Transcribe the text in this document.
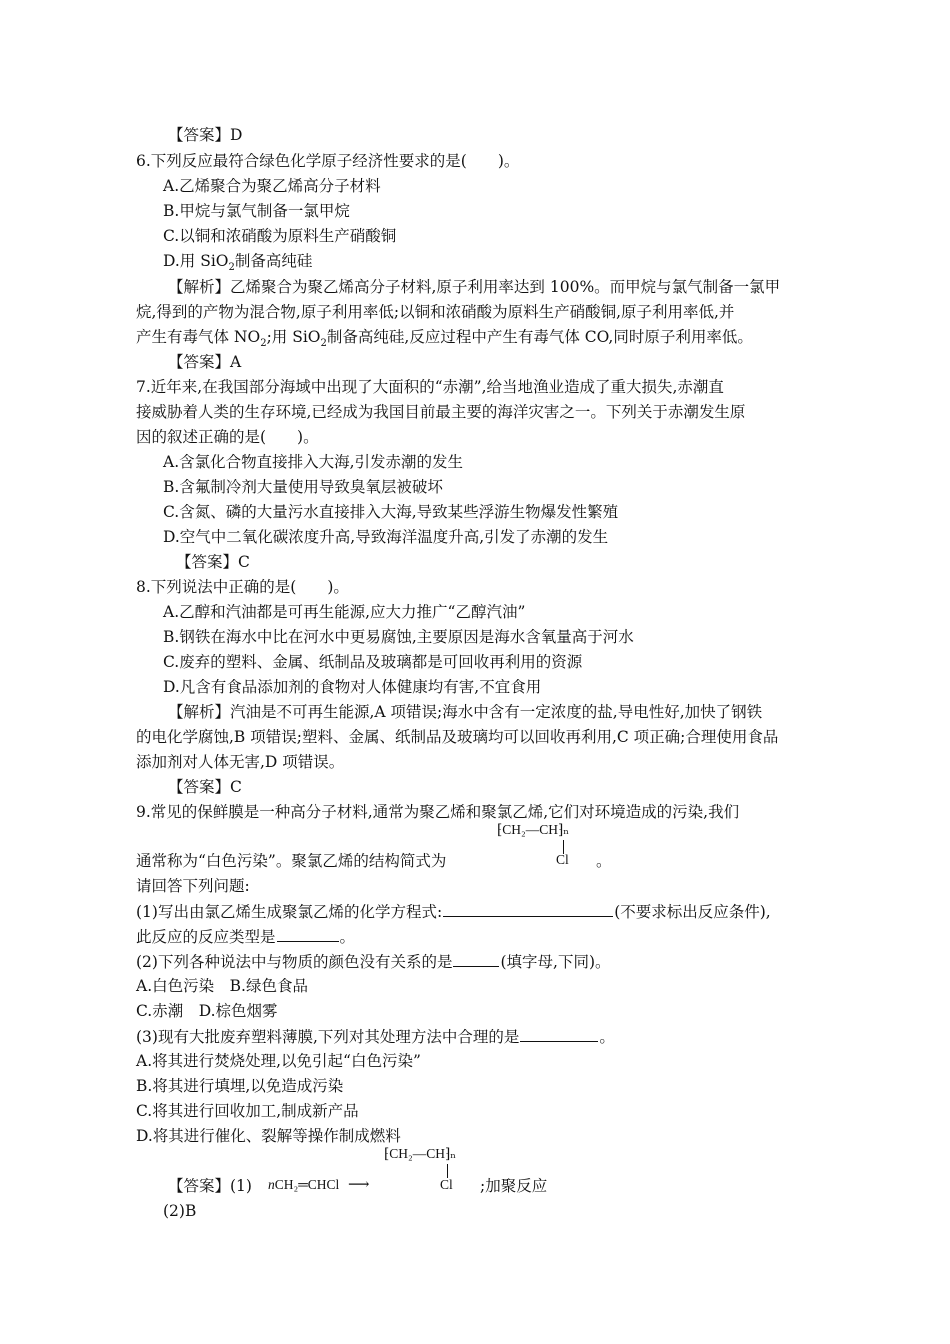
【答案】D
6.下列反应最符合绿色化学原子经济性要求的是(　　)。
A.乙烯聚合为聚乙烯高分子材料
B.甲烷与氯气制备一氯甲烷
C.以铜和浓硝酸为原料生产硝酸铜
D.用 SiO$_2$制备高纯硅
【解析】乙烯聚合为聚乙烯高分子材料,原子利用率达到 100%。而甲烷与氯气制备一氯甲
烷,得到的产物为混合物,原子利用率低;以铜和浓硝酸为原料生产硝酸铜,原子利用率低,并
产生有毒气体 $NO_2$;用 SiO$_2$制备高纯硅,反应过程中产生有毒气体 CO,同时原子利用率低。
【答案】A
7.近年来,在我国部分海域中出现了大面积的“赤潮”,给当地渔业造成了重大损失,赤潮直
接威胁着人类的生存环境,已经成为我国目前最主要的海洋灾害之一。下列关于赤潮发生原
因的叙述正确的是(　　)。
A.含氯化合物直接排入大海,引发赤潮的发生
B.含氟制冷剂大量使用导致臭氧层被破坏
C.含氮、磷的大量污水直接排入大海,导致某些浮游生物爆发性繁殖
D.空气中二氧化碳浓度升高,导致海洋温度升高,引发了赤潮的发生
【答案】C
8.下列说法中正确的是(　　)。
A.乙醇和汽油都是可再生能源,应大力推广“乙醇汽油”
B.钢铁在海水中比在河水中更易腐蚀,主要原因是海水含氧量高于河水
C.废弃的塑料、金属、纸制品及玻璃都是可回收再利用的资源
D.凡含有食品添加剂的食物对人体健康均有害,不宜食用
【解析】汽油是不可再生能源,A 项错误;海水中含有一定浓度的盐,导电性好,加快了钢铁
的电化学腐蚀,B 项错误;塑料、金属、纸制品及玻璃均可以回收再利用,C 项正确;合理使用食品
添加剂对人体无害,D 项错误。
【答案】C
9.常见的保鲜膜是一种高分子材料,通常为聚乙烯和聚氯乙烯,它们对环境造成的污染,我们
⁅CH₂—CH⁆ₙ
Cl
通常称为“白色污染”。聚氯乙烯的结构简式为	。
请回答下列问题:
(1)写出由氯乙烯生成聚氯乙烯的化学方程式:	(不要求标出反应条件),
此反应的反应类型是	。
(2)下列各种说法中与物质的颜色没有关系的是	(填字母,下同)。
A.白色污染　B.绿色食品
C.赤潮　D.棕色烟雾
(3)现有大批废弃塑料薄膜,下列对其处理方法中合理的是	。
A.将其进行焚烧处理,以免引起“白色污染”
B.将其进行填埋,以免造成污染
C.将其进行回收加工,制成新产品
D.将其进行催化、裂解等操作制成燃料
【答案】(1) nCH₂═CHCl ⟶
⁅CH₂—CH⁆ₙ
Cl ;加聚反应
(2)B
